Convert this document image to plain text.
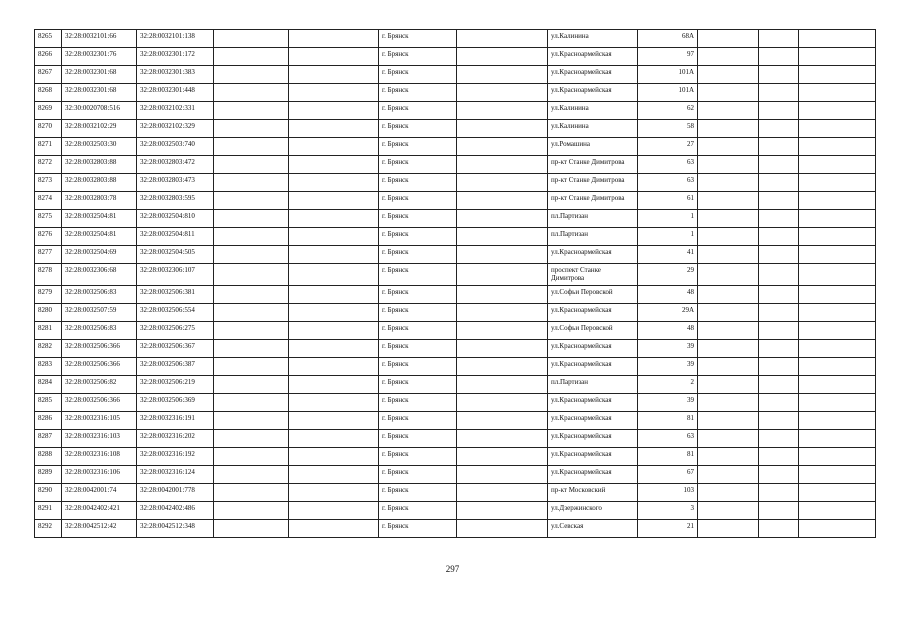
8265	32:28:0032101:66	32:28:0032101:138			г. Брянск		ул.Калинина	68А			
8266	32:28:0032301:76	32:28:0032301:172			г. Брянск		ул.Красноармейская	97			
8267	32:28:0032301:68	32:28:0032301:383			г. Брянск		ул.Красноармейская	101А			
8268	32:28:0032301:68	32:28:0032301:448			г. Брянск		ул.Красноармейская	101А			
8269	32:30:0020708:516	32:28:0032102:331			г. Брянск		ул.Калинина	62			
8270	32:28:0032102:29	32:28:0032102:329			г. Брянск		ул.Калинина	58			
8271	32:28:0032503:30	32:28:0032503:740			г. Брянск		ул.Ромашина	27			
8272	32:28:0032803:88	32:28:0032803:472			г. Брянск		пр-кт Станке Димитрова	63			
8273	32:28:0032803:88	32:28:0032803:473			г. Брянск		пр-кт Станке Димитрова	63			
8274	32:28:0032803:78	32:28:0032803:595			г. Брянск		пр-кт Станке Димитрова	61			
8275	32:28:0032504:81	32:28:0032504:810			г. Брянск		пл.Партизан	1			
8276	32:28:0032504:81	32:28:0032504:811			г. Брянск		пл.Партизан	1			
8277	32:28:0032504:69	32:28:0032504:505			г. Брянск		ул.Красноармейская	41			
8278	32:28:0032306:68	32:28:0032306:107			г. Брянск		проспект Станке Димитрова	29			
8279	32:28:0032506:83	32:28:0032506:381			г. Брянск		ул.Софьи Перовской	48			
8280	32:28:0032507:59	32:28:0032506:554			г. Брянск		ул.Красноармейская	29А			
8281	32:28:0032506:83	32:28:0032506:275			г. Брянск		ул.Софьи Перовской	48			
8282	32:28:0032506:366	32:28:0032506:367			г. Брянск		ул.Красноармейская	39			
8283	32:28:0032506:366	32:28:0032506:387			г. Брянск		ул.Красноармейская	39			
8284	32:28:0032506:82	32:28:0032506:219			г. Брянск		пл.Партизан	2			
8285	32:28:0032506:366	32:28:0032506:369			г. Брянск		ул.Красноармейская	39			
8286	32:28:0032316:105	32:28:0032316:191			г. Брянск		ул.Красноармейская	81			
8287	32:28:0032316:103	32:28:0032316:202			г. Брянск		ул.Красноармейская	63			
8288	32:28:0032316:108	32:28:0032316:192			г. Брянск		ул.Красноармейская	81			
8289	32:28:0032316:106	32:28:0032316:124			г. Брянск		ул.Красноармейская	67			
8290	32:28:0042001:74	32:28:0042001:778			г. Брянск		пр-кт Московский	103			
8291	32:28:0042402:421	32:28:0042402:486			г. Брянск		ул.Дзержинского	3			
8292	32:28:0042512:42	32:28:0042512:348			г. Брянск		ул.Севская	21			
297
